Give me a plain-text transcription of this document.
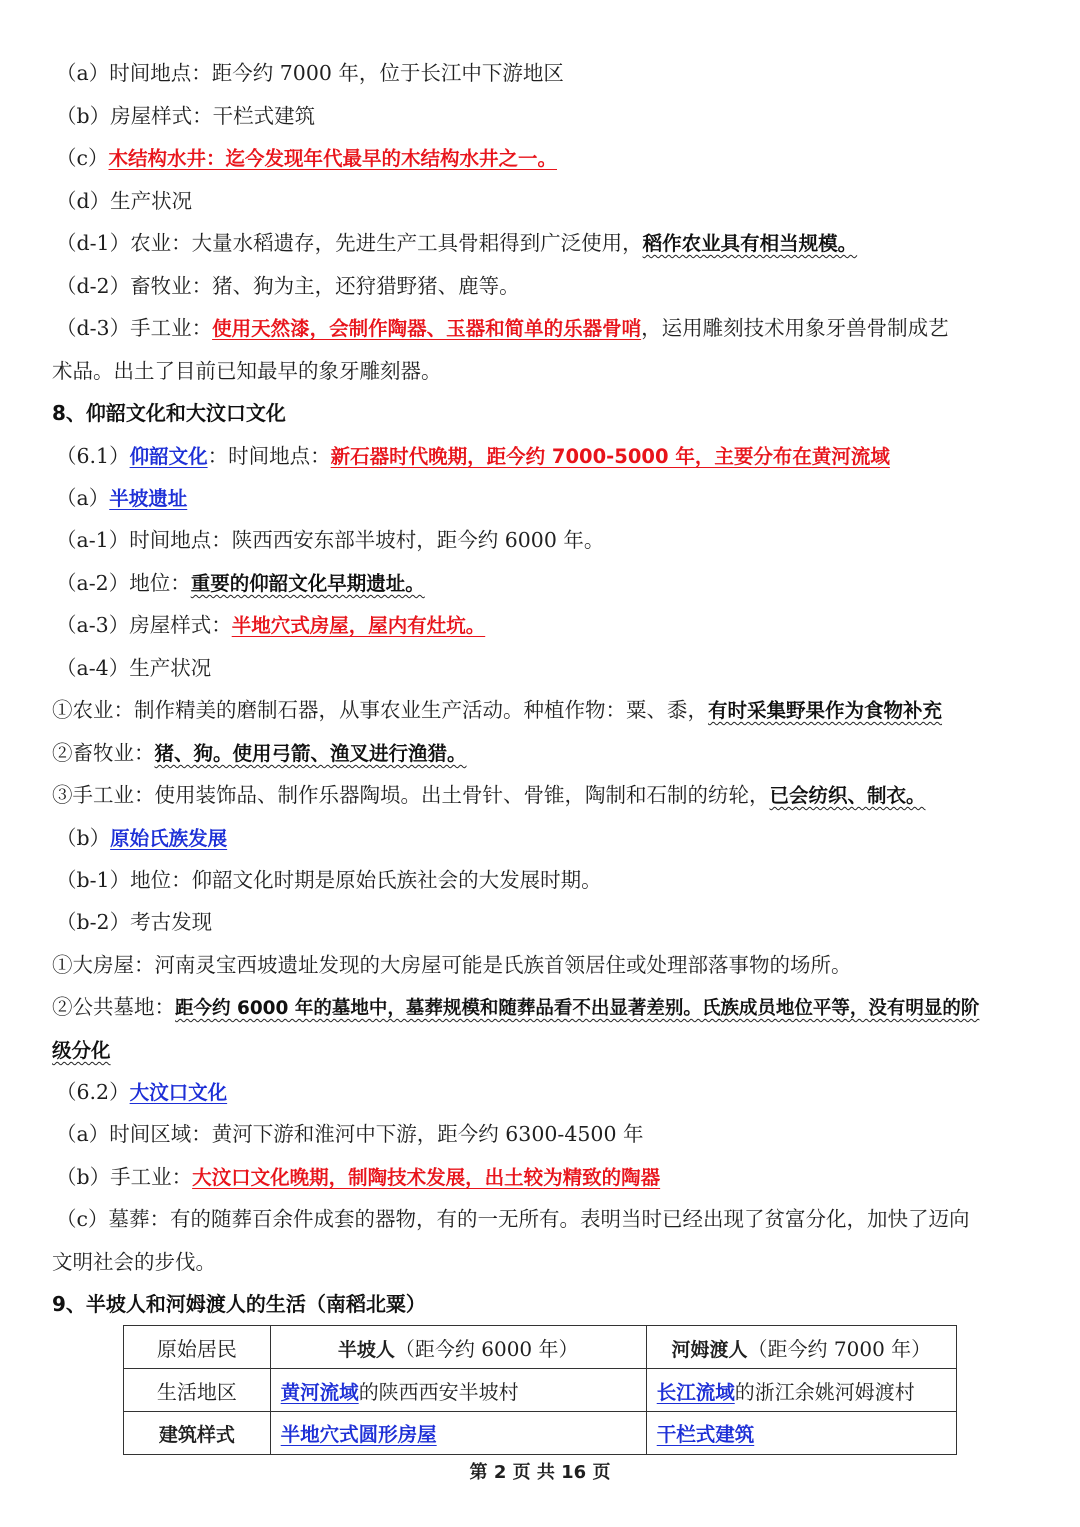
（a）时间地点：距今约 7000 年，位于长江中下游地区
（b）房屋样式：干栏式建筑
（c）木结构水井：迄今发现年代最早的木结构水井之一。
（d）生产状况
（d-1）农业：大量水稻遗存，先进生产工具骨耜得到广泛使用，稻作农业具有相当规模。
（d-2）畜牧业：猪、狗为主，还狩猎野猪、鹿等。
（d-3）手工业：使用天然漆，会制作陶器、玉器和简单的乐器骨哨，运用雕刻技术用象牙兽骨制成艺
术品。出土了目前已知最早的象牙雕刻器。
8、仰韶文化和大汶口文化
（6.1）仰韶文化：时间地点：新石器时代晚期，距今约 7000-5000 年，主要分布在黄河流域
（a）半坡遗址
（a-1）时间地点：陕西西安东部半坡村，距今约 6000 年。
（a-2）地位：重要的仰韶文化早期遗址。
（a-3）房屋样式：半地穴式房屋，屋内有灶坑。
（a-4）生产状况
①农业：制作精美的磨制石器，从事农业生产活动。种植作物：粟、黍，有时采集野果作为食物补充
②畜牧业：猪、狗。使用弓箭、渔叉进行渔猎。
③手工业：使用装饰品、制作乐器陶埙。出土骨针、骨锥，陶制和石制的纺轮，已会纺织、制衣。
（b）原始氏族发展
（b-1）地位：仰韶文化时期是原始氏族社会的大发展时期。
（b-2）考古发现
①大房屋：河南灵宝西坡遗址发现的大房屋可能是氏族首领居住或处理部落事物的场所。
②公共墓地：距今约 6000 年的墓地中，墓葬规模和随葬品看不出显著差别。氏族成员地位平等，没有明显的阶
级分化
（6.2）大汶口文化
（a）时间区域：黄河下游和淮河中下游，距今约 6300-4500 年
（b）手工业：大汶口文化晚期，制陶技术发展，出土较为精致的陶器
（c）墓葬：有的随葬百余件成套的器物，有的一无所有。表明当时已经出现了贫富分化，加快了迈向
文明社会的步伐。
9、半坡人和河姆渡人的生活（南稻北粟）
原始居民	半坡人（距今约 6000 年）	河姆渡人（距今约 7000 年）
生活地区	黄河流域的陕西西安半坡村	长江流域的浙江余姚河姆渡村
建筑样式	半地穴式圆形房屋	干栏式建筑
第 2 页 共 16 页
